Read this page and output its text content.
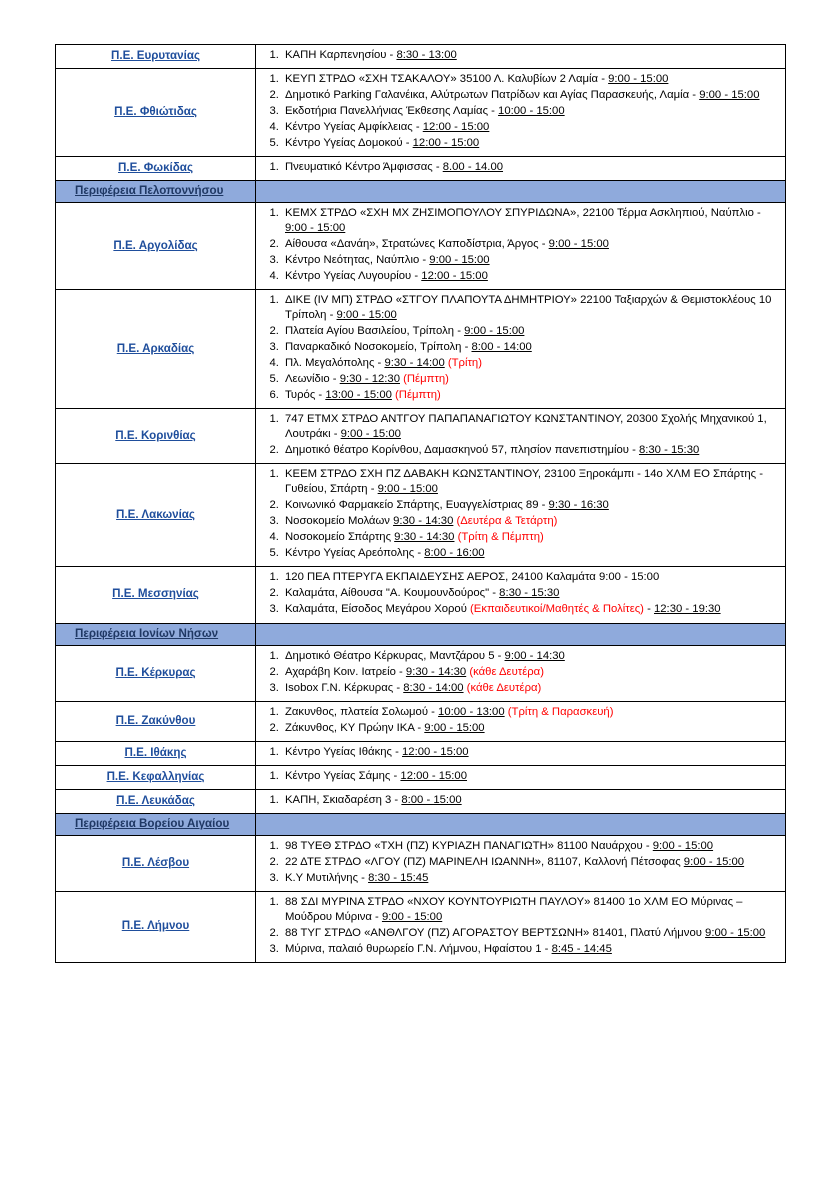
Π.Ε. Ευρυτανίας	
1.ΚΑΠΗ Καρπενησίου - 8:30 - 13:00

Π.Ε. Φθιώτιδας	
1. ΚΕΥΠ ΣΤΡΔΟ «ΣΧΗ ΤΣΑΚΑΛΟΥ» 35100 Λ. Καλυβίων 2 Λαμία - 9:00 - 15:00
2. Δημοτικό Parking Γαλανέικα, Αλύτρωτων Πατρίδων και Αγίας Παρασκευής, Λαμία - 9:00 - 15:00
3. Εκδοτήρια Πανελλήνιας Έκθεσης Λαμίας - 10:00 - 15:00
4. Κέντρο Υγείας Αμφίκλειας - 12:00 - 15:00
5. Κέντρο Υγείας Δομοκού - 12:00 - 15:00

Π.Ε. Φωκίδας	
1.Πνευματικό Κέντρο Άμφισσας - 8.00 - 14.00

Περιφέρεια Πελοποννήσου	
Π.Ε. Αργολίδας	
1. ΚΕΜΧ ΣΤΡΔΟ «ΣΧΗ ΜΧ ΖΗΣΙΜΟΠΟΥΛΟΥ ΣΠΥΡΙΔΩΝΑ», 22100 Τέρμα Ασκληπιού, Ναύπλιο - 9:00 - 15:00
2. Αίθουσα «Δανάη», Στρατώνες Καποδίστρια, Άργος - 9:00 - 15:00
3. Κέντρο Νεότητας, Ναύπλιο - 9:00 - 15:00
4. Κέντρο Υγείας Λυγουρίου - 12:00 - 15:00

Π.Ε. Αρκαδίας	
1. ΔΙΚΕ (IV ΜΠ) ΣΤΡΔΟ «ΣΤΓΟΥ ΠΛΑΠΟΥΤΑ ΔΗΜΗΤΡΙΟΥ» 22100 Ταξιαρχών & Θεμιστοκλέους 10 Τρίπολη - 9:00 - 15:00
2. Πλατεία Αγίου Βασιλείου, Τρίπολη - 9:00 - 15:00
3. Παναρκαδικό Νοσοκομείο, Τρίπολη - 8:00 - 14:00
4. Πλ. Μεγαλόπολης - 9:30 - 14:00 (Τρίτη)
5. Λεωνίδιο - 9:30 - 12:30 (Πέμπτη)
6. Τυρός - 13:00 - 15:00 (Πέμπτη)

Π.Ε. Κορινθίας	
1. 747 ΕΤΜΧ ΣΤΡΔΟ ΑΝΤΓΟΥ ΠΑΠΑΠΑΝΑΓΙΩΤΟΥ ΚΩΝΣΤΑΝΤΙΝΟΥ, 20300 Σχολής Μηχανικού 1, Λουτράκι - 9:00 - 15:00
2. Δημοτικό θέατρο Κορίνθου, Δαμασκηνού 57, πλησίον πανεπιστημίου - 8:30 - 15:30

Π.Ε. Λακωνίας	
1. ΚΕΕΜ ΣΤΡΔΟ ΣΧΗ ΠΖ ΔΑΒΑΚΗ ΚΩΝΣΤΑΝΤΙΝΟΥ, 23100 Ξηροκάμπι - 14ο ΧΛΜ ΕΟ Σπάρτης - Γυθείου, Σπάρτη - 9:00 - 15:00
2. Κοινωνικό Φαρμακείο Σπάρτης, Ευαγγελίστριας 89 - 9:30 - 16:30
3. Νοσοκομείο Μολάων 9:30 - 14:30 (Δευτέρα & Τετάρτη)
4. Νοσοκομείο Σπάρτης 9:30 - 14:30 (Τρίτη & Πέμπτη)
5. Κέντρο Υγείας Αρεόπολης - 8:00 - 16:00

Π.Ε. Μεσσηνίας	
1. 120 ΠΕΑ ΠΤΕΡΥΓΑ ΕΚΠΑΙΔΕΥΣΗΣ ΑΕΡΟΣ, 24100 Καλαμάτα 9:00 - 15:00
2. Καλαμάτα, Αίθουσα "Α. Κουμουνδούρος" - 8:30 - 15:30
3. Καλαμάτα, Είσοδος Μεγάρου Χορού (Εκπαιδευτικοί/Μαθητές & Πολίτες) - 12:30 - 19:30

Περιφέρεια Ιονίων Νήσων	
Π.Ε. Κέρκυρας	
1. Δημοτικό Θέατρο Κέρκυρας, Μαντζάρου 5 - 9:00 - 14:30
2. Αχαράβη Κοιν. Ιατρείο - 9:30 - 14:30 (κάθε Δευτέρα)
3. Isobox Γ.Ν. Κέρκυρας - 8:30 - 14:00 (κάθε Δευτέρα)

Π.Ε. Ζακύνθου	
1. Ζακυνθος, πλατεία Σολωμού - 10:00 - 13:00 (Τρίτη & Παρασκευή)
2. Ζάκυνθος, ΚΥ Πρώην ΙΚΑ - 9:00 - 15:00

Π.Ε. Ιθάκης	
1.Κέντρο Υγείας Ιθάκης - 12:00 - 15:00

Π.Ε. Κεφαλληνίας	
1.Κέντρο Υγείας Σάμης - 12:00 - 15:00

Π.Ε. Λευκάδας	
1.ΚΑΠΗ, Σκιαδαρέση 3 - 8:00 - 15:00

Περιφέρεια Βορείου Αιγαίου	
Π.Ε. Λέσβου	
1. 98 ΤΥΕΘ ΣΤΡΔΟ «ΤΧΗ (ΠΖ) ΚΥΡΙΑΖΗ ΠΑΝΑΓΙΩΤΗ» 81100 Ναυάρχου - 9:00 - 15:00
2. 22 ΔΤΕ ΣΤΡΔΟ «ΛΓΟΥ (ΠΖ) ΜΑΡΙΝΕΛΗ ΙΩΑΝΝΗ», 81107, Καλλονή Πέτσοφας 9:00 - 15:00
3. Κ.Υ Μυτιλήνης - 8:30 - 15:45

Π.Ε. Λήμνου	
1. 88 ΣΔΙ ΜΥΡΙΝΑ ΣΤΡΔΟ «ΝΧΟΥ ΚΟΥΝΤΟΥΡΙΩΤΗ ΠΑΥΛΟΥ» 81400 1ο ΧΛΜ ΕΟ Μύρινας – Μούδρου Μύρινα - 9:00 - 15:00
2. 88 ΤΥΓ ΣΤΡΔΟ «ΑΝΘΛΓΟΥ (ΠΖ) ΑΓΟΡΑΣΤΟΥ ΒΕΡΤΣΩΝΗ» 81401, Πλατύ Λήμνου 9:00 - 15:00
3. Μύρινα, παλαιό θυρωρείο Γ.Ν. Λήμνου, Ηφαίστου 1 - 8:45 - 14:45
